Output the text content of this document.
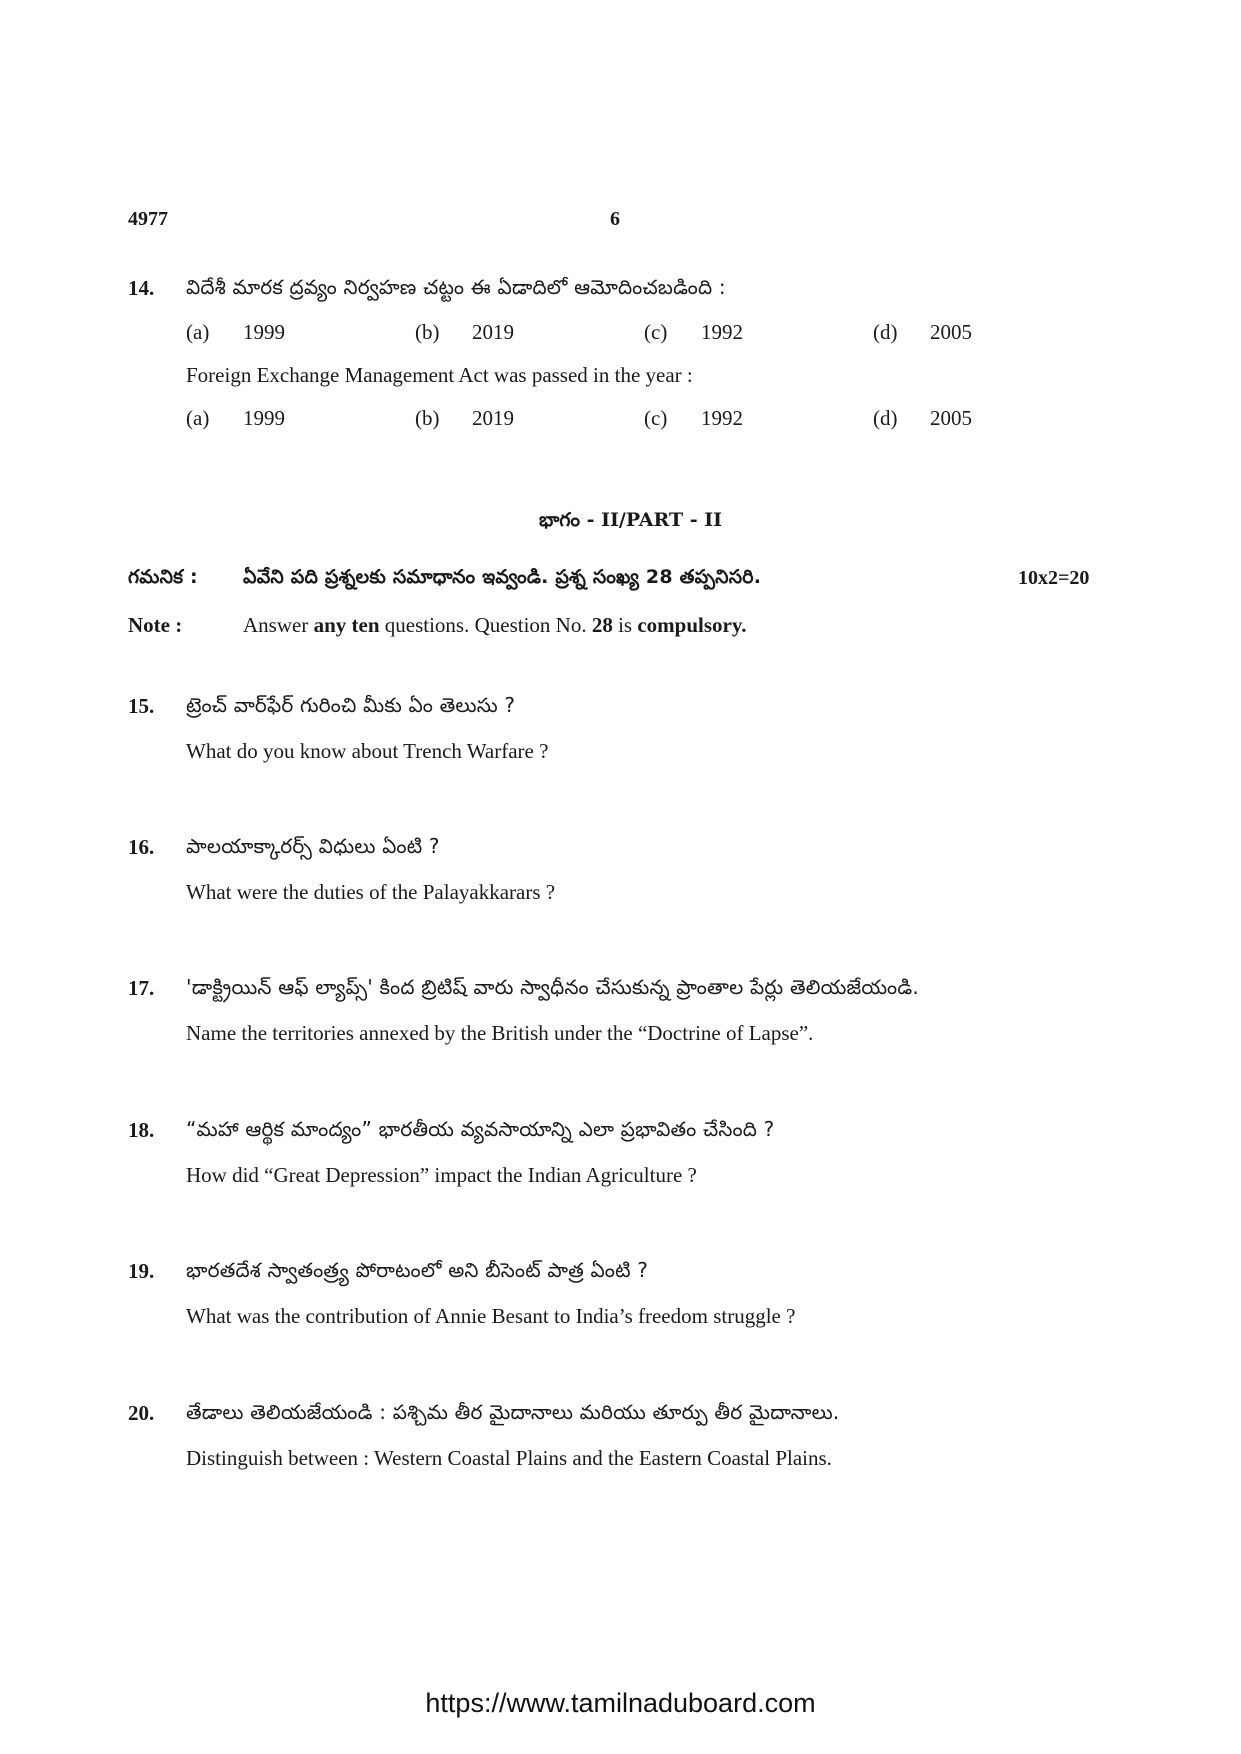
4977	6
14. విదేశీ మారక ద్రవ్యం నిర్వహణ చట్టం ఈ ఏడాదిలో ఆమోదించబడింది :
(a) 1999	(b) 2019	(c) 1992	(d) 2005
Foreign Exchange Management Act was passed in the year :
(a) 1999	(b) 2019	(c) 1992	(d) 2005
భాగం - II/PART - II
గమనిక : ఏవేని పది ప్రశ్నలకు సమాధానం ఇవ్వండి. ప్రశ్న సంఖ్య 28 తప్పనిసరి.	10x2=20
Note :	Answer any ten questions. Question No. 28 is compulsory.
15. ట్రెంచ్ వార్‌ఫేర్ గురించి మీకు ఏం తెలుసు ?
What do you know about Trench Warfare ?
16. పాలయాక్కారర్స్ విధులు ఏంటి ?
What were the duties of the Palayakkarars ?
17. 'డాక్ట్రియిన్ ఆఫ్ ల్యాప్స్' కింద బ్రిటిష్ వారు స్వాధీనం చేసుకున్న ప్రాంతాల పేర్లు తెలియజేయండి.
Name the territories annexed by the British under the “Doctrine of Lapse”.
18. “మహా ఆర్థిక మాంద్యం” భారతీయ వ్యవసాయాన్ని ఎలా ప్రభావితం చేసింది ?
How did “Great Depression” impact the Indian Agriculture ?
19. భారతదేశ స్వాతంత్ర్య పోరాటంలో అని బీసెంట్ పాత్ర ఏంటి ?
What was the contribution of Annie Besant to India’s freedom struggle ?
20. తేడాలు తెలియజేయండి : పశ్చిమ తీర మైదానాలు మరియు తూర్పు తీర మైదానాలు.
Distinguish between : Western Coastal Plains and the Eastern Coastal Plains.
https://www.tamilnaduboard.com
